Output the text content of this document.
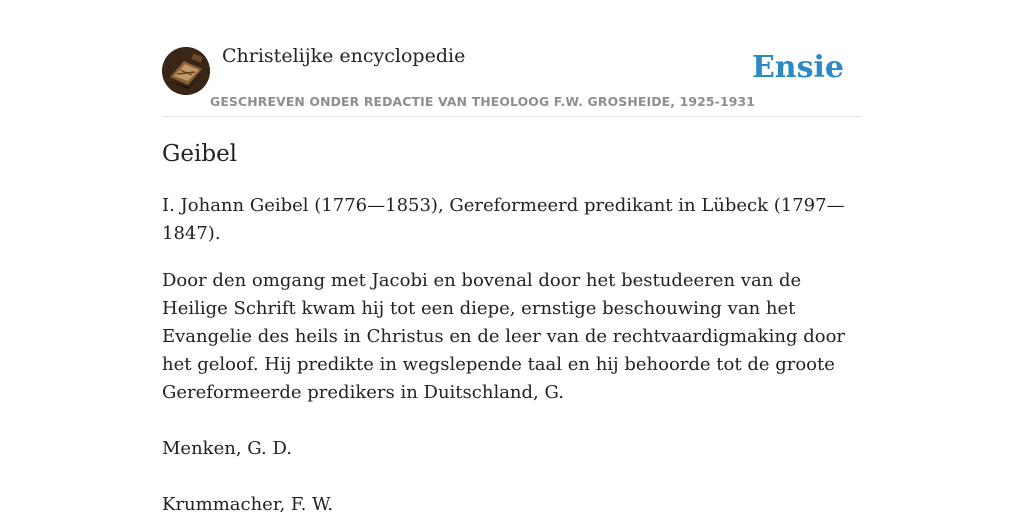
Christelijke encyclopedie
GESCHREVEN ONDER REDACTIE VAN THEOLOOG F.W. GROSHEIDE, 1925-1931
Ensie
Geibel

I. Johann Geibel (1776—1853), Gereformeerd predikant in Lübeck (1797—1847).

Door den omgang met Jacobi en bovenal door het bestudeeren van de Heilige Schrift kwam hij tot een diepe, ernstige beschouwing van het Evangelie des heils in Christus en de leer van de rechtvaardigmaking door het geloof. Hij predikte in wegslepende taal en hij behoorde tot de groote Gereformeerde predikers in Duitschland, G.

Menken, G. D.

Krummacher, F. W.
